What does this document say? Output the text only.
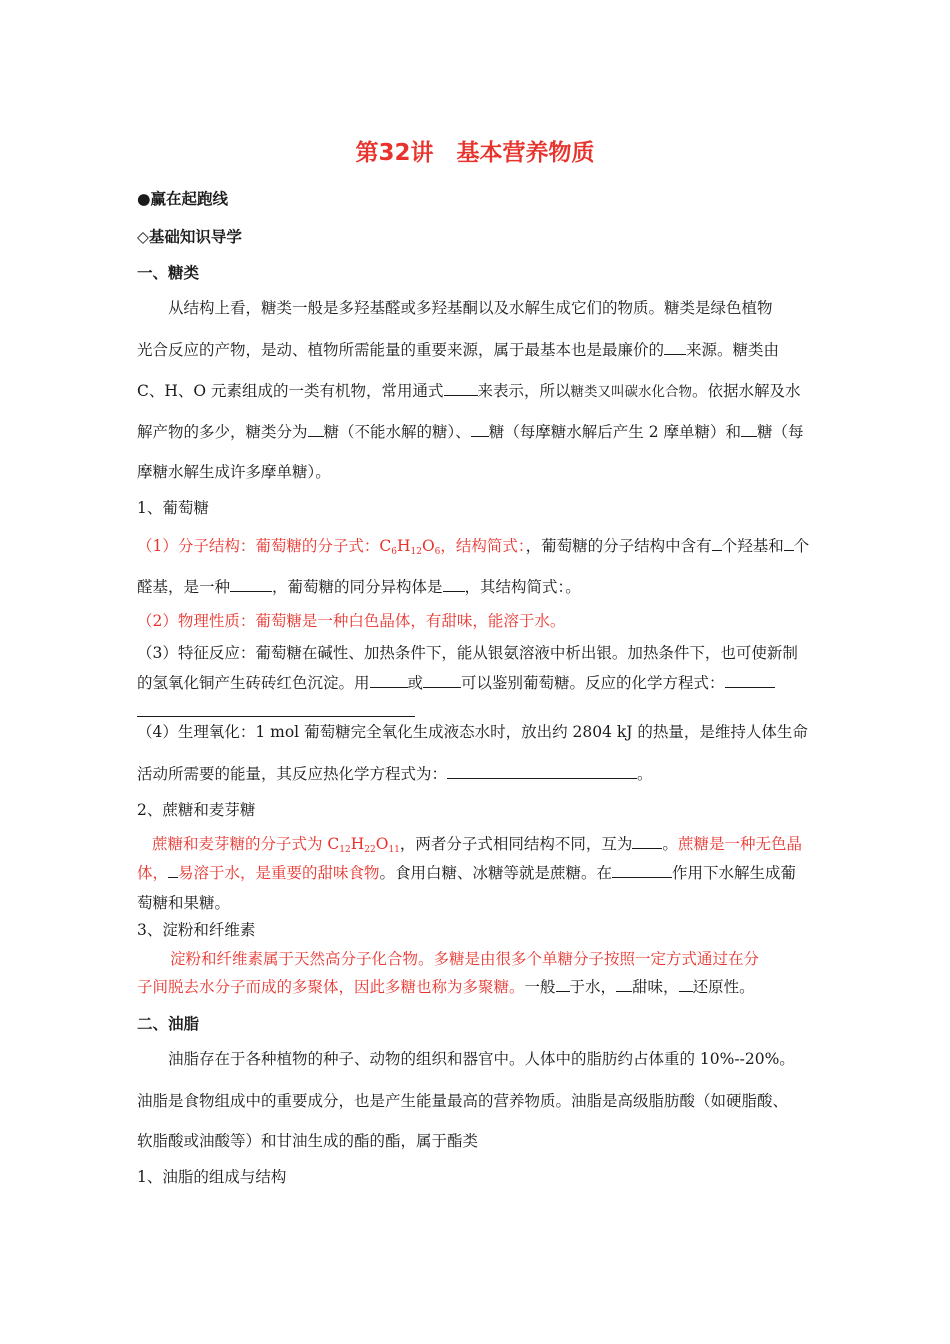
第32讲　基本营养物质
●赢在起跑线
◇基础知识导学
一、糖类
从结构上看，糖类一般是多羟基醛或多羟基酮以及水解生成它们的物质。糖类是绿色植物
光合反应的产物，是动、植物所需能量的重要来源，属于最基本也是最廉价的 来源。糖类由
C、H、O 元素组成的一类有机物，常用通式 来表示，所以糖类又叫碳水化合物。依据水解及水
解产物的多少，糖类分为 糖（不能水解的糖）、 糖（每摩糖水解后产生 2 摩单糖）和 糖（每
摩糖水解生成许多摩单糖）。
1、葡萄糖
（1）分子结构：葡萄糖的分子式：$C_6H_{12}O_6$，结构简式：，葡萄糖的分子结构中含有 个羟基和 个
醛基，是一种	，葡萄糖的同分异构体是 ，其结构简式：。
（2）物理性质：葡萄糖是一种白色晶体，有甜味，能溶于水。
（3）特征反应：葡萄糖在碱性、加热条件下，能从银氨溶液中析出银。加热条件下，也可使新制
的氢氧化铜产生砖砖红色沉淀。用 或 可以鉴别葡萄糖。反应的化学方程式：
（4）生理氧化：1 mol 葡萄糖完全氧化生成液态水时，放出约 2804 kJ 的热量，是维持人体生命
活动所需要的能量，其反应热化学方程式为：	。
2、蔗糖和麦芽糖
蔗糖和麦芽糖的分子式为 $C_{12}H_{22}O_{11}$，两者分子式相同结构不同，互为 。蔗糖是一种无色晶
体， 易溶于水，是重要的甜味食物。食用白糖、冰糖等就是蔗糖。在	作用下水解生成葡
萄糖和果糖。
3、淀粉和纤维素
淀粉和纤维素属于天然高分子化合物。多糖是由很多个单糖分子按照一定方式通过在分
子间脱去水分子而成的多聚体，因此多糖也称为多聚糖。一般 于水， 甜味， 还原性。
二、油脂
油脂存在于各种植物的种子、动物的组织和器官中。人体中的脂肪约占体重的 10%--20%。
油脂是食物组成中的重要成分，也是产生能量最高的营养物质。油脂是高级脂肪酸（如硬脂酸、
软脂酸或油酸等）和甘油生成的酯的酯，属于酯类
1、油脂的组成与结构
